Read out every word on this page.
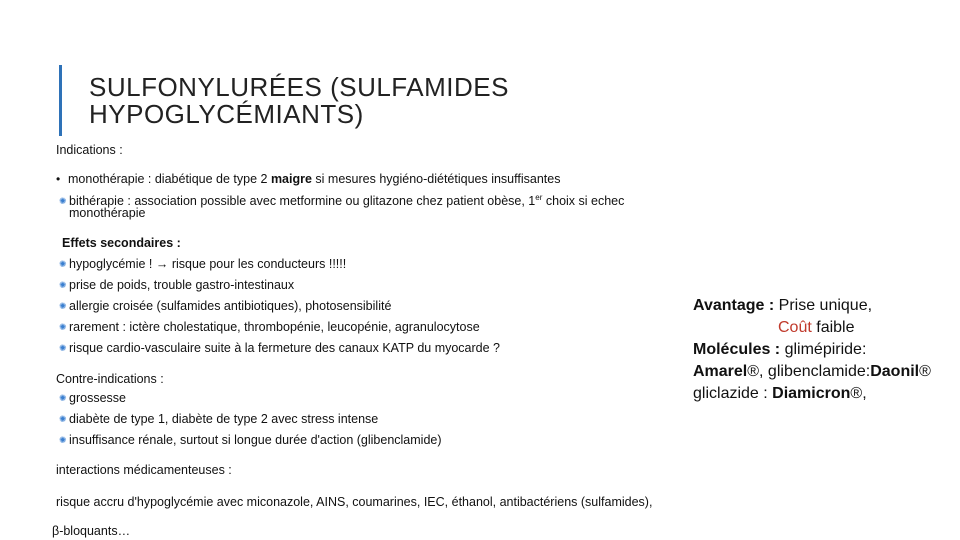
SULFONYLURÉES (SULFAMIDES
HYPOGLYCÉMIANTS)
Indications :
• monothérapie : diabétique de type 2 maigre si mesures hygiéno-diététiques insuffisantes
✺ bithérapie : association possible avec metformine ou glitazone chez patient obèse, 1er choix si echec
monothérapie
Effets secondaires :
✺ hypoglycémie ! → risque pour les conducteurs !!!!!
✺ prise de poids, trouble gastro-intestinaux
✺ allergie croisée (sulfamides antibiotiques), photosensibilité
✺ rarement : ictère cholestatique, thrombopénie, leucopénie, agranulocytose
✺ risque cardio-vasculaire suite à la fermeture des canaux KATP du myocarde ?
Contre-indications :
✺ grossesse
✺ diabète de type 1, diabète de type 2 avec stress intense
✺ insuffisance rénale, surtout si longue durée d'action (glibenclamide)
Avantage : Prise unique,
Coût faible
Molécules : glimépiride:
Amarel®, glibenclamide:Daonil®
gliclazide : Diamicron®,
interactions médicamenteuses :
risque accru d'hypoglycémie avec miconazole, AINS, coumarines, IEC, éthanol, antibactériens (sulfamides),
β-bloquants…
